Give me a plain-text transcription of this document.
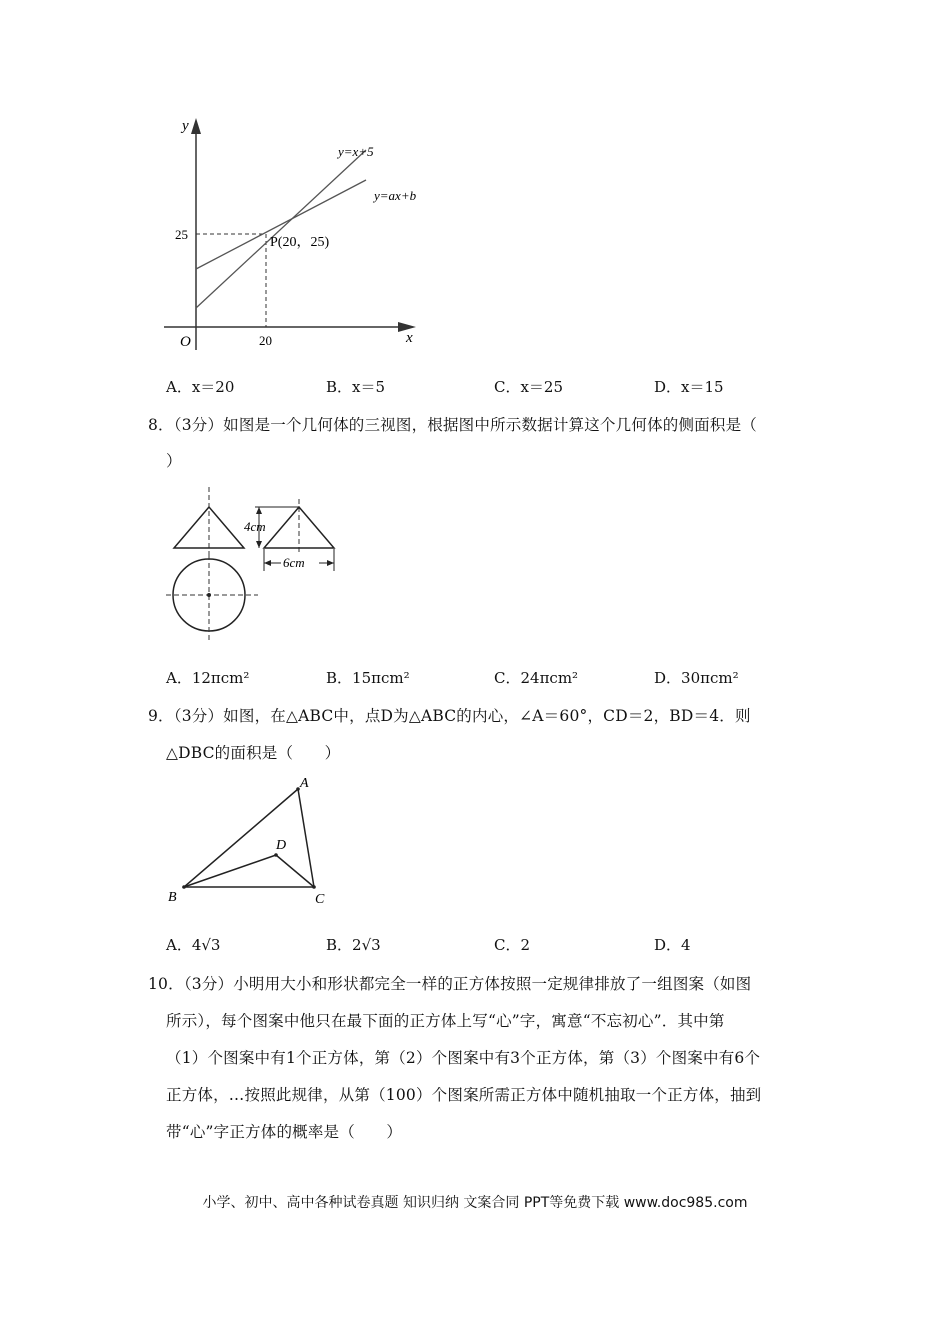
y
x
O	20
25
y=x+5
y=ax+b
P(20，25)
A．x＝20	B．x＝5	C．x＝25	D．x＝15
8．（3分）如图是一个几何体的三视图，根据图中所示数据计算这个几何体的侧面积是（
）
4cm
6cm
A．12πcm²	B．15πcm²	C．24πcm²	D．30πcm²
9．（3分）如图，在△ABC中，点D为△ABC的内心，∠A＝60°，CD＝2，BD＝4．则
△DBC的面积是（　　）
A
B	C
D
A．4√3	B．2√3	C．2	D．4
10．（3分）小明用大小和形状都完全一样的正方体按照一定规律排放了一组图案（如图
所示），每个图案中他只在最下面的正方体上写“心”字，寓意“不忘初心”．其中第
（1）个图案中有1个正方体，第（2）个图案中有3个正方体，第（3）个图案中有6个
正方体，…按照此规律，从第（100）个图案所需正方体中随机抽取一个正方体，抽到
带“心”字正方体的概率是（　　）
小学、初中、高中各种试卷真题 知识归纳 文案合同 PPT等免费下载 www.doc985.com
